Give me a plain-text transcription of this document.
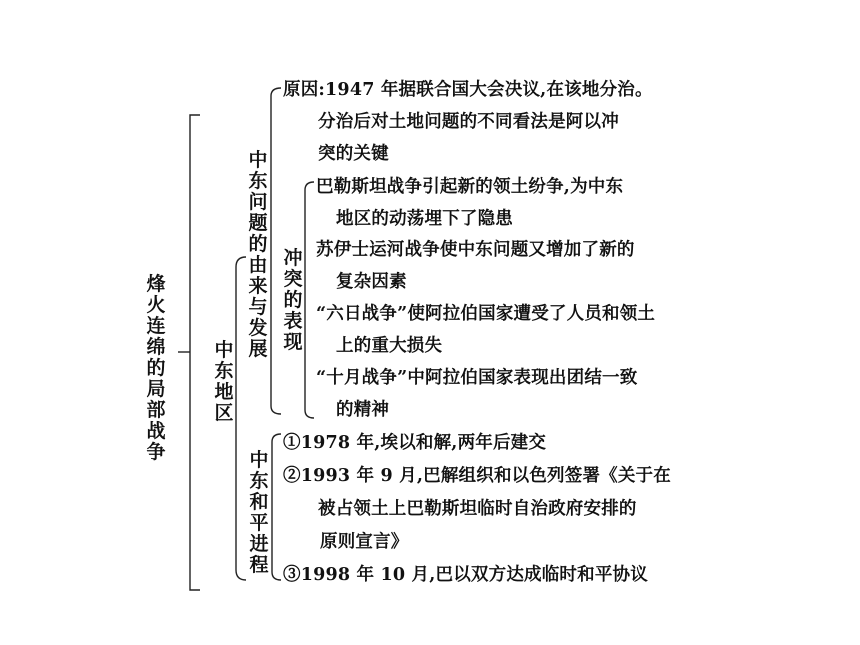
烽火连绵的局部战争
中东地区
中东问题的由来与发展
冲突的表现
中东和平进程
原因:1947 年据联合国大会决议,在该地分治。
分治后对土地问题的不同看法是阿以冲
突的关键
巴勒斯坦战争引起新的领土纷争,为中东
地区的动荡埋下了隐患
苏伊士运河战争使中东问题又增加了新的
复杂因素
“六日战争”使阿拉伯国家遭受了人员和领土
上的重大损失
“十月战争”中阿拉伯国家表现出团结一致
的精神
①1978 年,埃以和解,两年后建交
②1993 年 9 月,巴解组织和以色列签署《关于在
被占领土上巴勒斯坦临时自治政府安排的
原则宣言》
③1998 年 10 月,巴以双方达成临时和平协议
